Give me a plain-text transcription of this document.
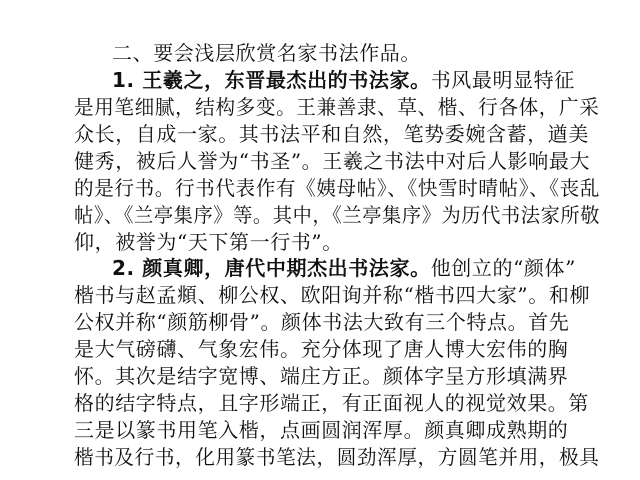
二、要会浅层欣赏名家书法作品。
1. 王羲之，东晋最杰出的书法家。书风最明显特征
是用笔细腻，结构多变。王兼善隶、草、楷、行各体，广采
众长，自成一家。其书法平和自然，笔势委婉含蓄，遒美
健秀，被后人誉为“书圣”。王羲之书法中对后人影响最大
的是行书。行书代表作有《姨母帖》、《快雪时晴帖》、《丧乱
帖》、《兰亭集序》等。其中，《兰亭集序》为历代书法家所敬
仰，被誉为“天下第一行书”。
2. 颜真卿，唐代中期杰出书法家。他创立的“颜体”
楷书与赵孟頫、柳公权、欧阳询并称“楷书四大家”。和柳
公权并称“颜筋柳骨”。颜体书法大致有三个特点。首先
是大气磅礴、气象宏伟。充分体现了唐人博大宏伟的胸
怀。其次是结字宽博、端庄方正。颜体字呈方形填满界
格的结字特点，且字形端正，有正面视人的视觉效果。第
三是以篆书用笔入楷，点画圆润浑厚。颜真卿成熟期的
楷书及行书，化用篆书笔法，圆劲浑厚，方圆笔并用，极具
